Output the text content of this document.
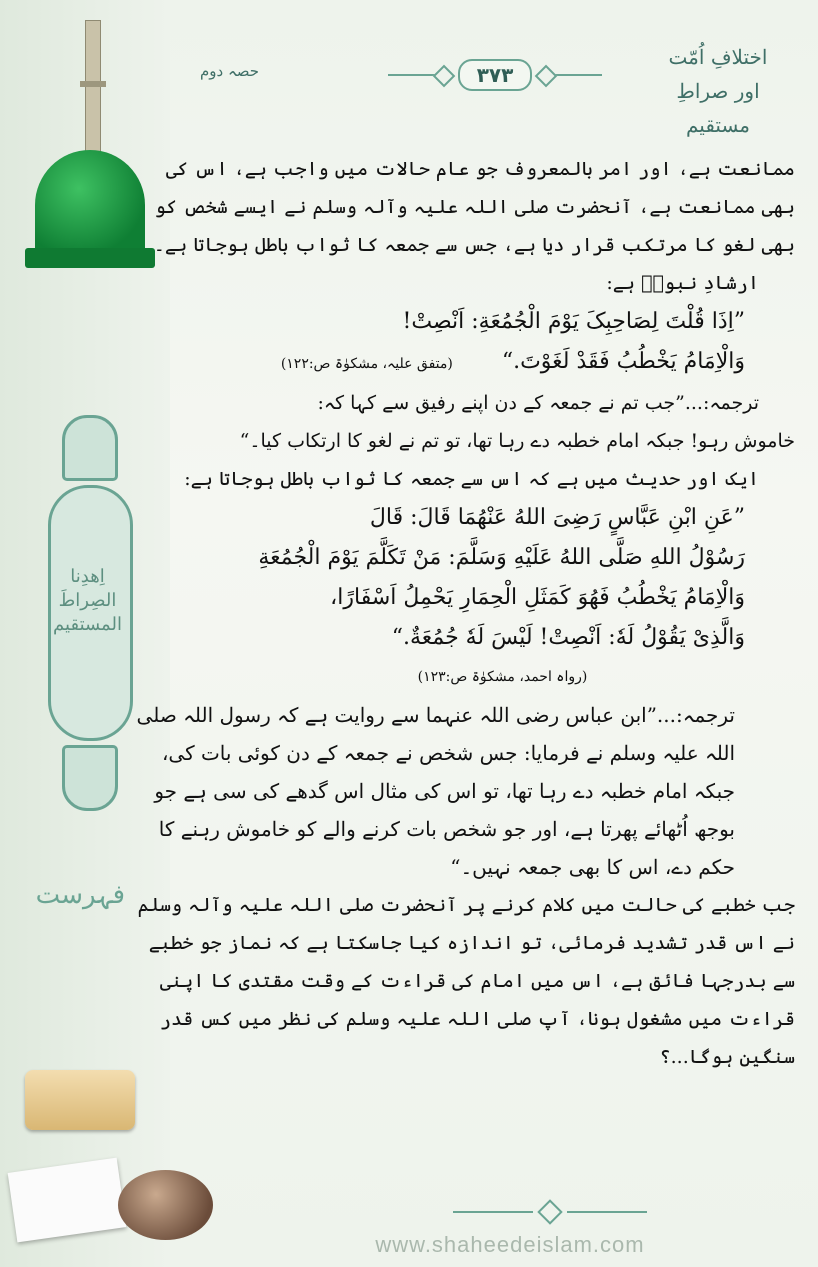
اِھدِنا الصِراطَ المستقیم
فہرست
اختلافِ اُمّت
اور صراطِ مستقیم
۳۷۳
حصہ دوم

ممانعت ہے، اور امر بالمعروف جو عام حالات میں واجب ہے، اس کی بھی ممانعت ہے، آنحضرت صلی اللہ علیہ وآلہ وسلم نے ایسے شخص کو بھی لغو کا مرتکب قرار دیا ہے، جس سے جمعہ کا ثواب باطل ہوجاتا ہے۔

ارشادِ نبویؐ ہے:

”اِذَا قُلْتَ لِصَاحِبِکَ یَوْمَ الْجُمُعَةِ: اَنْصِتْ!

وَالْاِمَامُ یَخْطُبُ فَقَدْ لَغَوْتَ.“       (متفق علیہ، مشکوٰۃ ص:۱۲۲)

ترجمہ:...”جب تم نے جمعہ کے دن اپنے رفیق سے کہا کہ:

خاموش رہو! جبکہ امام خطبہ دے رہا تھا، تو تم نے لغو کا ارتکاب کیا۔“

ایک اور حدیث میں ہے کہ اس سے جمعہ کا ثواب باطل ہوجاتا ہے:

”عَنِ ابْنِ عَبَّاسٍ رَضِیَ اللهُ عَنْهُمَا قَالَ: قَالَ

رَسُوْلُ اللهِ صَلَّی اللهُ عَلَیْهِ وَسَلَّمَ: مَنْ تَکَلَّمَ یَوْمَ الْجُمُعَةِ

وَالْاِمَامُ یَخْطُبُ فَهُوَ کَمَثَلِ الْحِمَارِ یَحْمِلُ اَسْفَارًا،

وَالَّذِیْ یَقُوْلُ لَهٗ: اَنْصِتْ! لَیْسَ لَهٗ جُمُعَةٌ.“

(رواہ احمد، مشکوٰۃ ص:۱۲۳)

ترجمہ:...”ابن عباس رضی اللہ عنہما سے روایت ہے کہ رسول اللہ صلی اللہ علیہ وسلم نے فرمایا: جس شخص نے جمعہ کے دن کوئی بات کی، جبکہ امام خطبہ دے رہا تھا، تو اس کی مثال اس گدھے کی سی ہے جو بوجھ اُٹھائے پھرتا ہے، اور جو شخص بات کرنے والے کو خاموش رہنے کا حکم دے، اس کا بھی جمعہ نہیں۔“

جب خطبے کی حالت میں کلام کرنے پر آنحضرت صلی اللہ علیہ وآلہ وسلم نے اس قدر تشدید فرمائی، تو اندازہ کیا جاسکتا ہے کہ نماز جو خطبے سے بدرجہا فائق ہے، اس میں امام کی قراءت کے وقت مقتدی کا اپنی قراءت میں مشغول ہونا، آپ صلی اللہ علیہ وسلم کی نظر میں کس قدر سنگین ہوگا...؟

www.shaheedeislam.com
